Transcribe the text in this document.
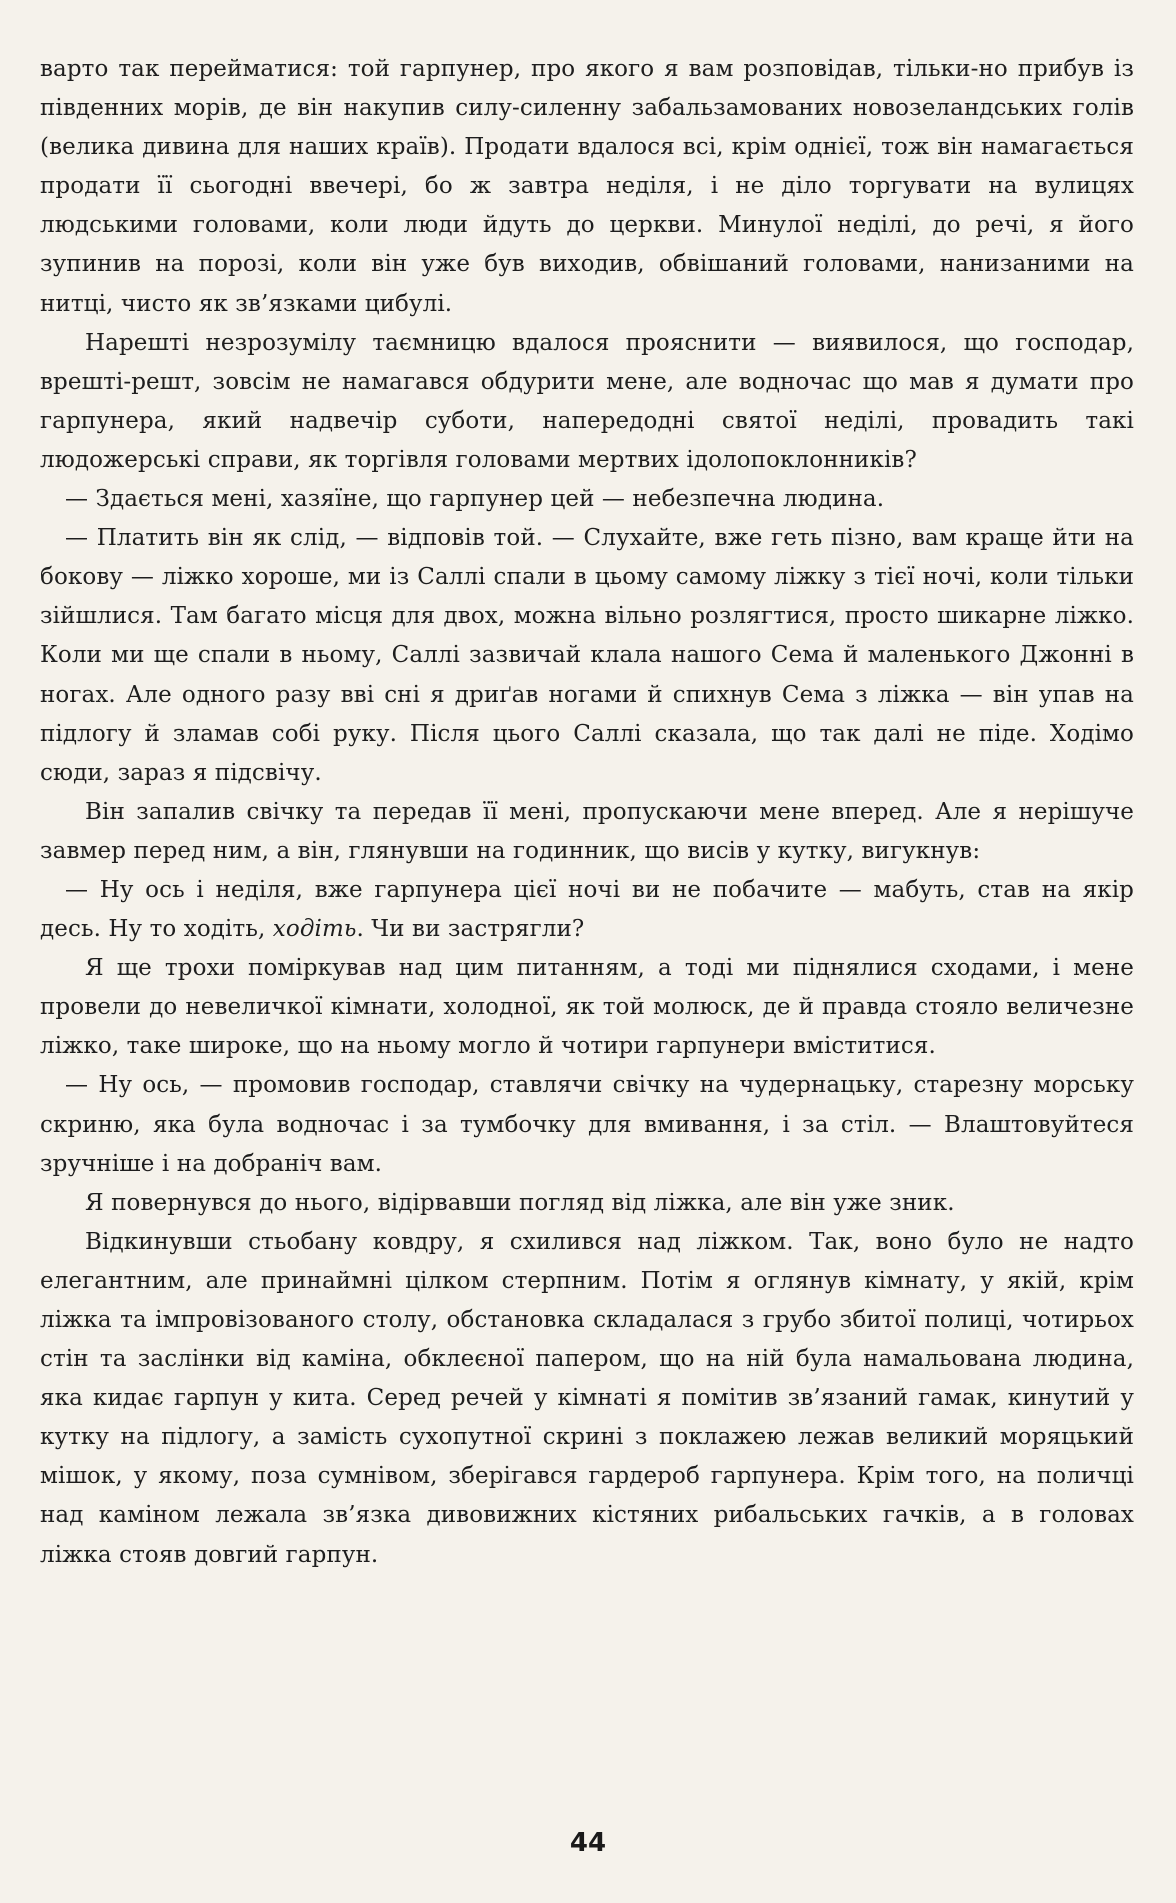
варто так перейматися: той гарпунер, про якого я вам розповідав, тільки-но прибув із південних морів, де він накупив силу-силенну забальзамованих новозеландських голів (велика дивина для наших країв). Продати вдалося всі, крім однієї, тож він намагається продати її сьогодні ввечері, бо ж завтра неділя, і не діло торгувати на вулицях людськими головами, коли люди йдуть до церкви. Минулої неділі, до речі, я його зупинив на порозі, коли він уже був виходив, обвішаний головами, нанизаними на нитці, чисто як зв’язками цибулі.

Нарешті незрозумілу таємницю вдалося прояснити — виявилося, що господар, врешті-решт, зовсім не намагався обдурити мене, але водночас що мав я думати про гарпунера, який надвечір суботи, напередодні святої неділі, провадить такі людожерські справи, як торгівля головами мертвих ідолопоклонників?

— Здається мені, хазяїне, що гарпунер цей — небезпечна людина.

— Платить він як слід, — відповів той. — Слухайте, вже геть пізно, вам краще йти на бокову — ліжко хороше, ми із Саллі спали в цьому самому ліжку з тієї ночі, коли тільки зійшлися. Там багато місця для двох, можна вільно розлягтися, просто шикарне ліжко. Коли ми ще спали в ньому, Саллі зазвичай клала нашого Сема й маленького Джонні в ногах. Але одного разу вві сні я дриґав ногами й спихнув Сема з ліжка — він упав на підлогу й зламав собі руку. Після цього Саллі сказала, що так далі не піде. Ходімо сюди, зараз я підсвічу.

Він запалив свічку та передав її мені, пропускаючи мене вперед. Але я нерішуче завмер перед ним, а він, глянувши на годинник, що висів у кутку, вигукнув:

— Ну ось і неділя, вже гарпунера цієї ночі ви не побачите — мабуть, став на якір десь. Ну то ходіть, ходіть. Чи ви застрягли?

Я ще трохи поміркував над цим питанням, а тоді ми піднялися сходами, і мене провели до невеличкої кімнати, холодної, як той молюск, де й правда стояло величезне ліжко, таке широке, що на ньому могло й чотири гарпунери вміститися.

— Ну ось, — промовив господар, ставлячи свічку на чудернацьку, старезну морську скриню, яка була водночас і за тумбочку для вмивання, і за стіл. — Влаштовуйтеся зручніше і на добраніч вам.

Я повернувся до нього, відірвавши погляд від ліжка, але він уже зник.

Відкинувши стьобану ковдру, я схилився над ліжком. Так, воно було не надто елегантним, але принаймні цілком стерпним. Потім я оглянув кімнату, у якій, крім ліжка та імпровізованого столу, обстановка складалася з грубо збитої полиці, чотирьох стін та заслінки від каміна, обклеєної папером, що на ній була намальована людина, яка кидає гарпун у кита. Серед речей у кімнаті я помітив зв’язаний гамак, кинутий у кутку на підлогу, а замість сухопутної скрині з поклажею лежав великий моряцький мішок, у якому, поза сумнівом, зберігався гардероб гарпунера. Крім того, на поличці над каміном лежала зв’язка дивовижних кістяних рибальських гачків, а в головах ліжка стояв довгий гарпун.

44
